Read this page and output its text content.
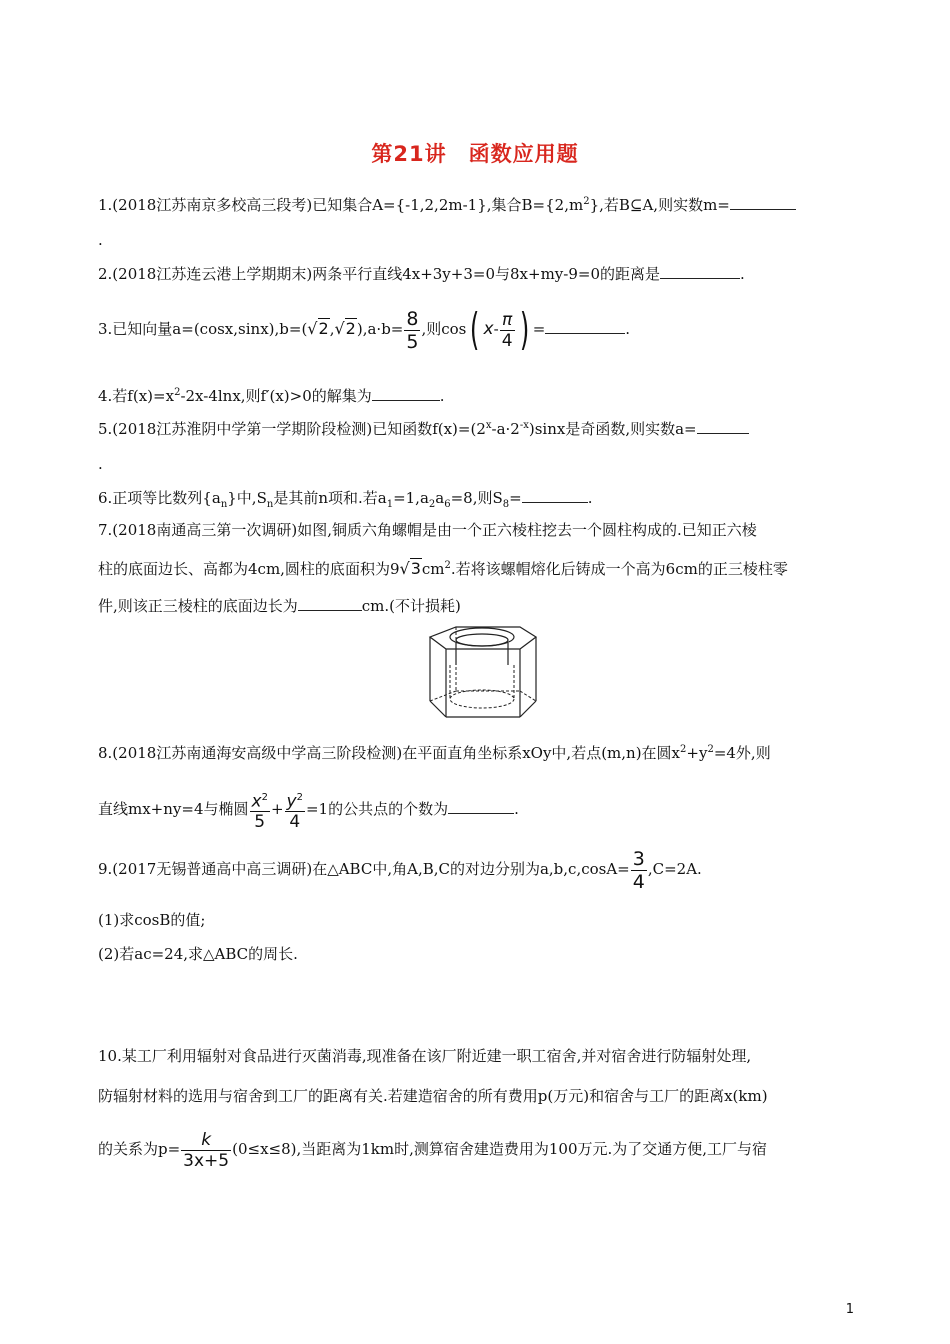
第21讲　函数应用题
1.(2018江苏南京多校高三段考)已知集合A={-1,2,2m-1},集合$B=\{2,m^2\}$,若B⊆A,则实数m=
.
2.(2018江苏连云港上学期期末)两条平行直线4x+3y+3=0与8x+my-9=0的距离是	.
3.已知向量$a=(\cos x,\sin x),b=(√2,√2),a\cdot b= \frac{8}{5}$ ,则cos( $x- \frac{\pi}{4}$ ) =	.
4.若$f(x)=x^2-2x-4\ln x$,则f′(x)>0的解集为	.
5.(2018江苏淮阴中学第一学期阶段检测)已知函数$f(x)=(2^x-a\cdot 2^{-x})\sin x$是奇函数,则实数a=
.
6.正项等比数列$\{a_n\}$中$,S_n$是其前n项和.若$a_1=1,a_2a_6=8$,则$S_8=$	.
7.(2018南通高三第一次调研)如图,铜质六角螺帽是由一个正六棱柱挖去一个圆柱构成的.已知正六棱
柱的底面边长、高都为4cm,圆柱的底面积为$9√3cm^2$.若将该螺帽熔化后铸成一个高为6cm的正三棱柱零
件,则该正三棱柱的底面边长为	cm.(不计损耗)
8.(2018江苏南通海安高级中学高三阶段检测)在平面直角坐标系xOy中,若点(m,n)在圆$x^2+y^2=4$外,则
直线mx+ny=4与椭圆 $\frac{x^2}{5} + \frac{y^2}{4} =1$的公共点的个数为	.
9.(2017无锡普通高中高三调研)在△ABC中,角A,B,C的对边分别为$a,b,c,\cos A= \frac{3}{4} ,C=2A$.
(1)求cosB的值;
(2)若ac=24,求△ABC的周长.
10.某工厂利用辐射对食品进行灭菌消毒,现准备在该厂附近建一职工宿舍,并对宿舍进行防辐射处理,
防辐射材料的选用与宿舍到工厂的距离有关.若建造宿舍的所有费用p(万元)和宿舍与工厂的距离x(km)
的关系为$p= \frac{k}{3x+5} (0\le x\le 8)$,当距离为1km时,测算宿舍建造费用为100万元.为了交通方便,工厂与宿
1
